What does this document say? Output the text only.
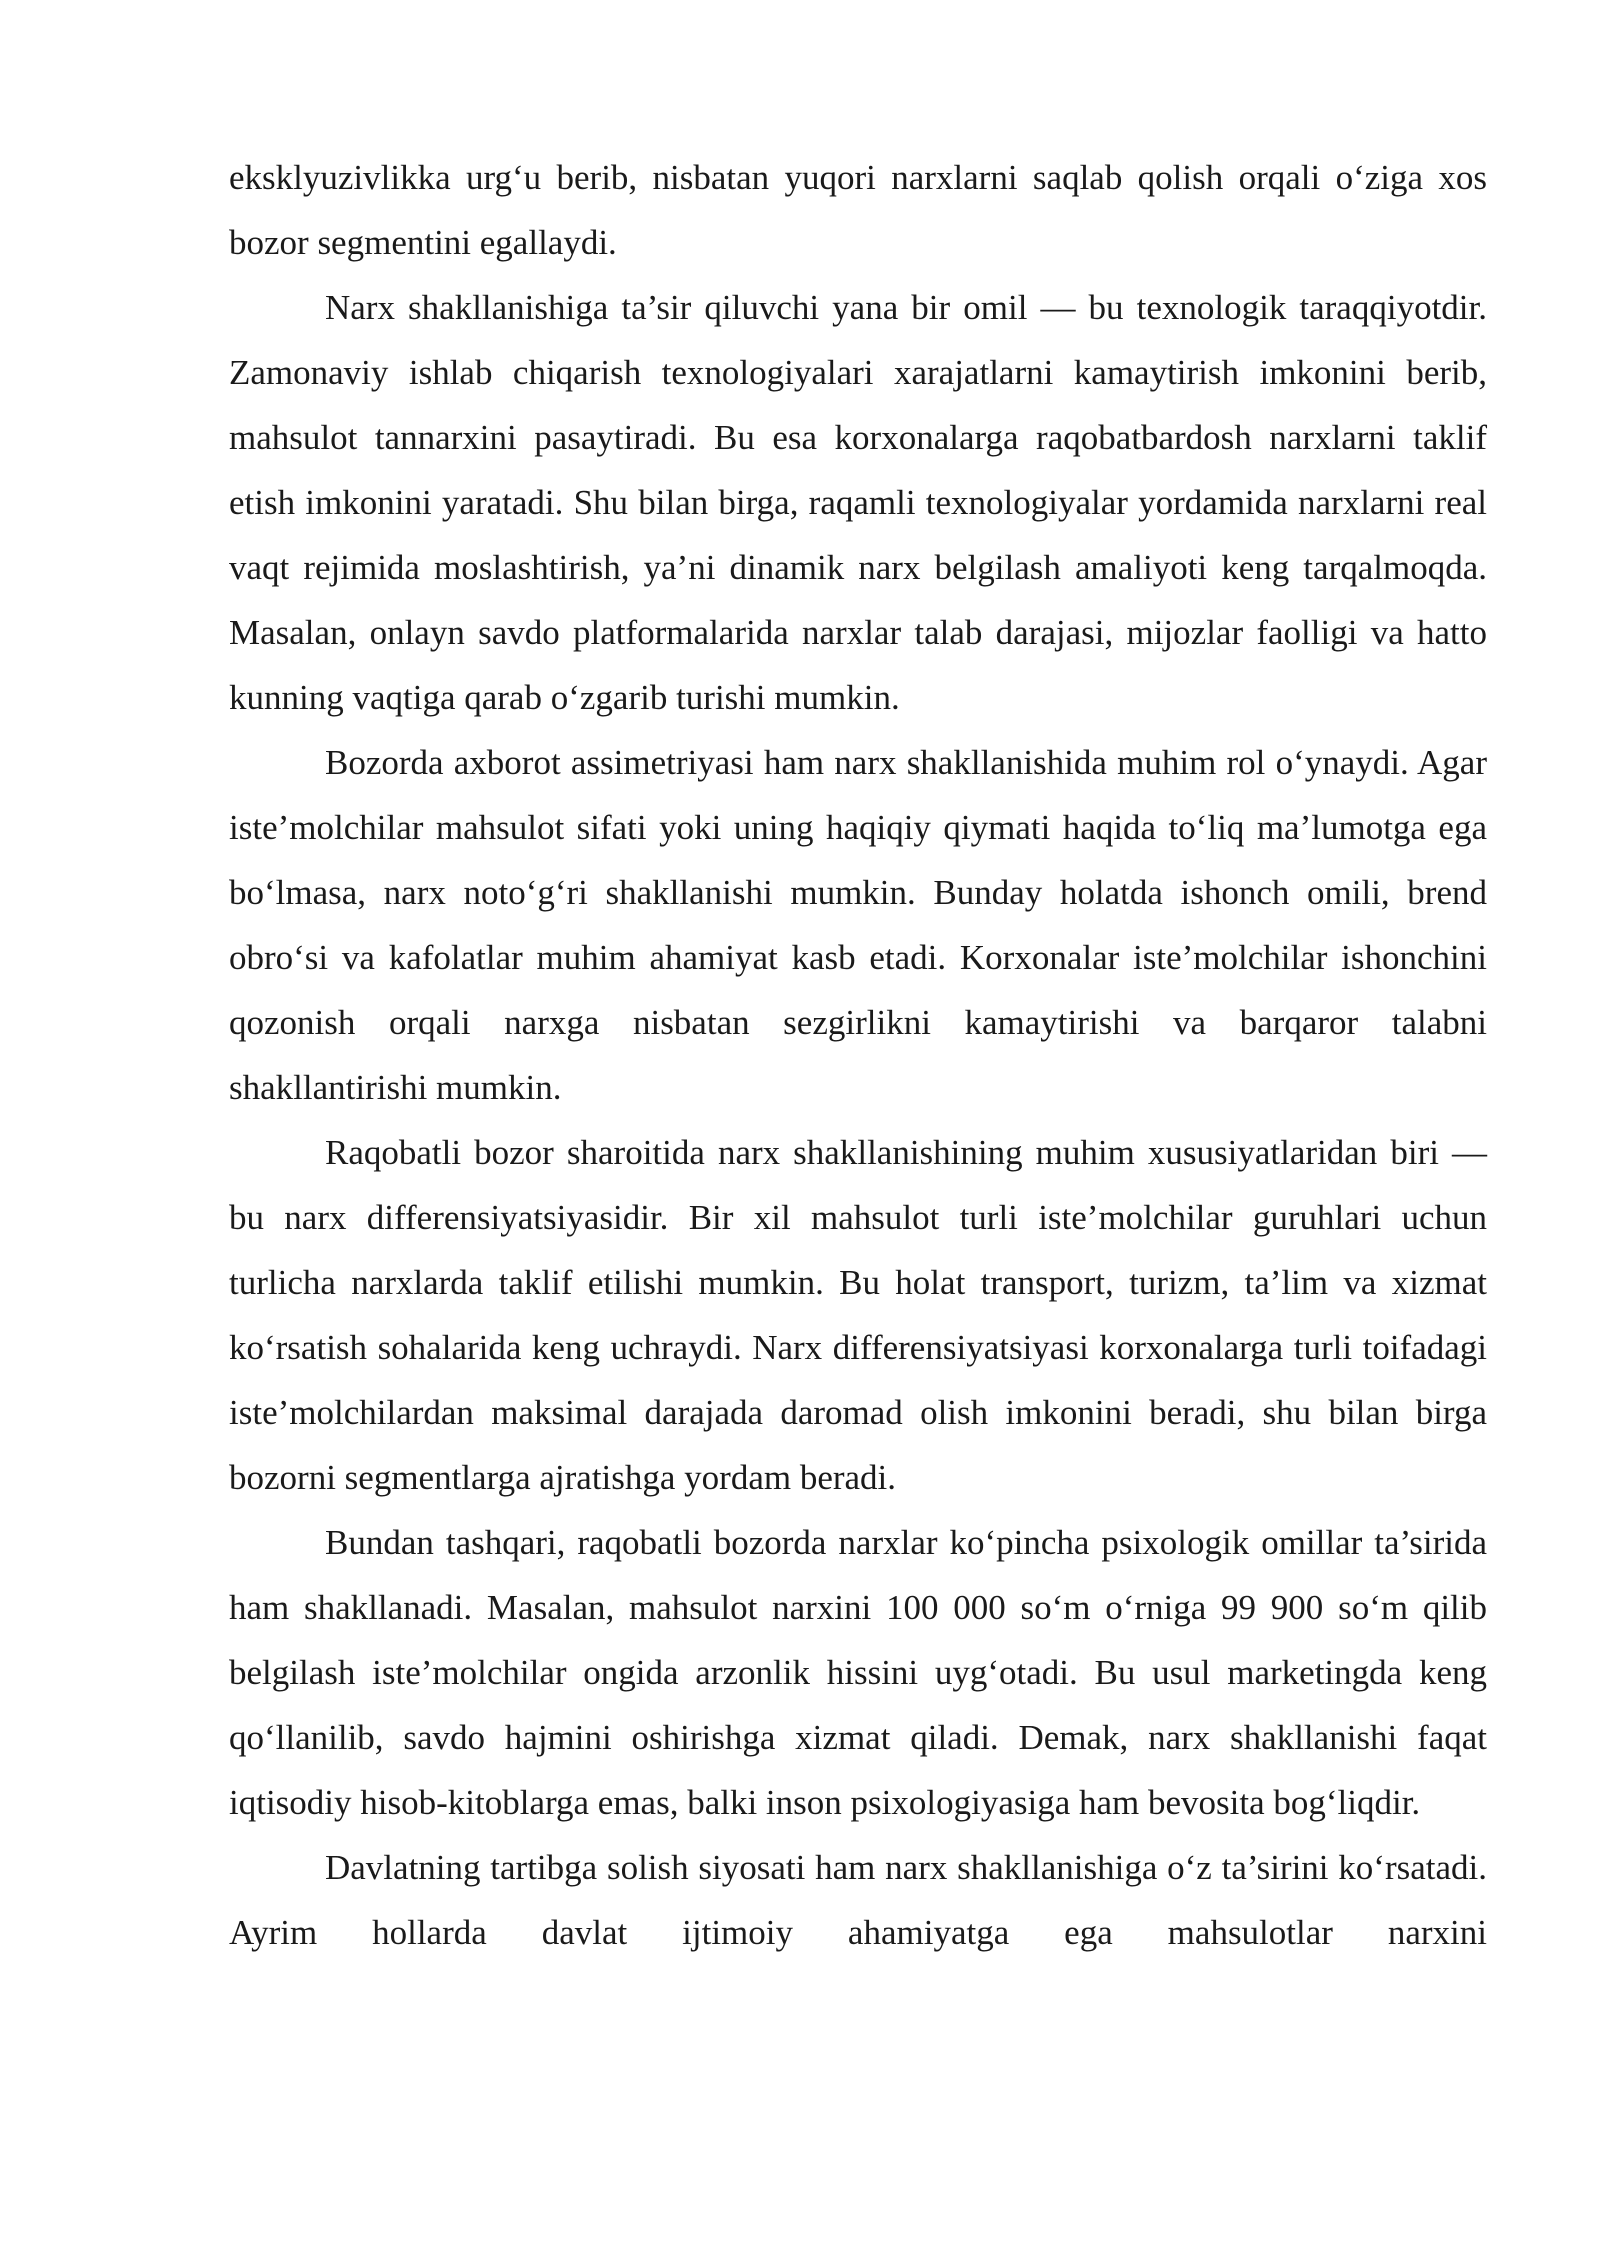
eksklyuzivlikka urg‘u berib, nisbatan yuqori narxlarni saqlab qolish orqali o‘ziga xos bozor segmentini egallaydi.

Narx shakllanishiga ta’sir qiluvchi yana bir omil — bu texnologik taraqqiyotdir. Zamonaviy ishlab chiqarish texnologiyalari xarajatlarni kamaytirish imkonini berib, mahsulot tannarxini pasaytiradi. Bu esa korxonalarga raqobatbardosh narxlarni taklif etish imkonini yaratadi. Shu bilan birga, raqamli texnologiyalar yordamida narxlarni real vaqt rejimida moslashtirish, ya’ni dinamik narx belgilash amaliyoti keng tarqalmoqda. Masalan, onlayn savdo platformalarida narxlar talab darajasi, mijozlar faolligi va hatto kunning vaqtiga qarab o‘zgarib turishi mumkin.

Bozorda axborot assimetriyasi ham narx shakllanishida muhim rol o‘ynaydi. Agar iste’molchilar mahsulot sifati yoki uning haqiqiy qiymati haqida to‘liq ma’lumotga ega bo‘lmasa, narx noto‘g‘ri shakllanishi mumkin. Bunday holatda ishonch omili, brend obro‘si va kafolatlar muhim ahamiyat kasb etadi. Korxonalar iste’molchilar ishonchini qozonish orqali narxga nisbatan sezgirlikni kamaytirishi va barqaror talabni shakllantirishi mumkin.

Raqobatli bozor sharoitida narx shakllanishining muhim xususiyatlaridan biri — bu narx differensiyatsiyasidir. Bir xil mahsulot turli iste’molchilar guruhlari uchun turlicha narxlarda taklif etilishi mumkin. Bu holat transport, turizm, ta’lim va xizmat ko‘rsatish sohalarida keng uchraydi. Narx differensiyatsiyasi korxonalarga turli toifadagi iste’molchilardan maksimal darajada daromad olish imkonini beradi, shu bilan birga bozorni segmentlarga ajratishga yordam beradi.

Bundan tashqari, raqobatli bozorda narxlar ko‘pincha psixologik omillar ta’sirida ham shakllanadi. Masalan, mahsulot narxini 100 000 so‘m o‘rniga 99 900 so‘m qilib belgilash iste’molchilar ongida arzonlik hissini uyg‘otadi. Bu usul marketingda keng qo‘llanilib, savdo hajmini oshirishga xizmat qiladi. Demak, narx shakllanishi faqat iqtisodiy hisob-kitoblarga emas, balki inson psixologiyasiga ham bevosita bog‘liqdir.

Davlatning tartibga solish siyosati ham narx shakllanishiga o‘z ta’sirini ko‘rsatadi. Ayrim hollarda davlat ijtimoiy ahamiyatga ega mahsulotlar narxini
